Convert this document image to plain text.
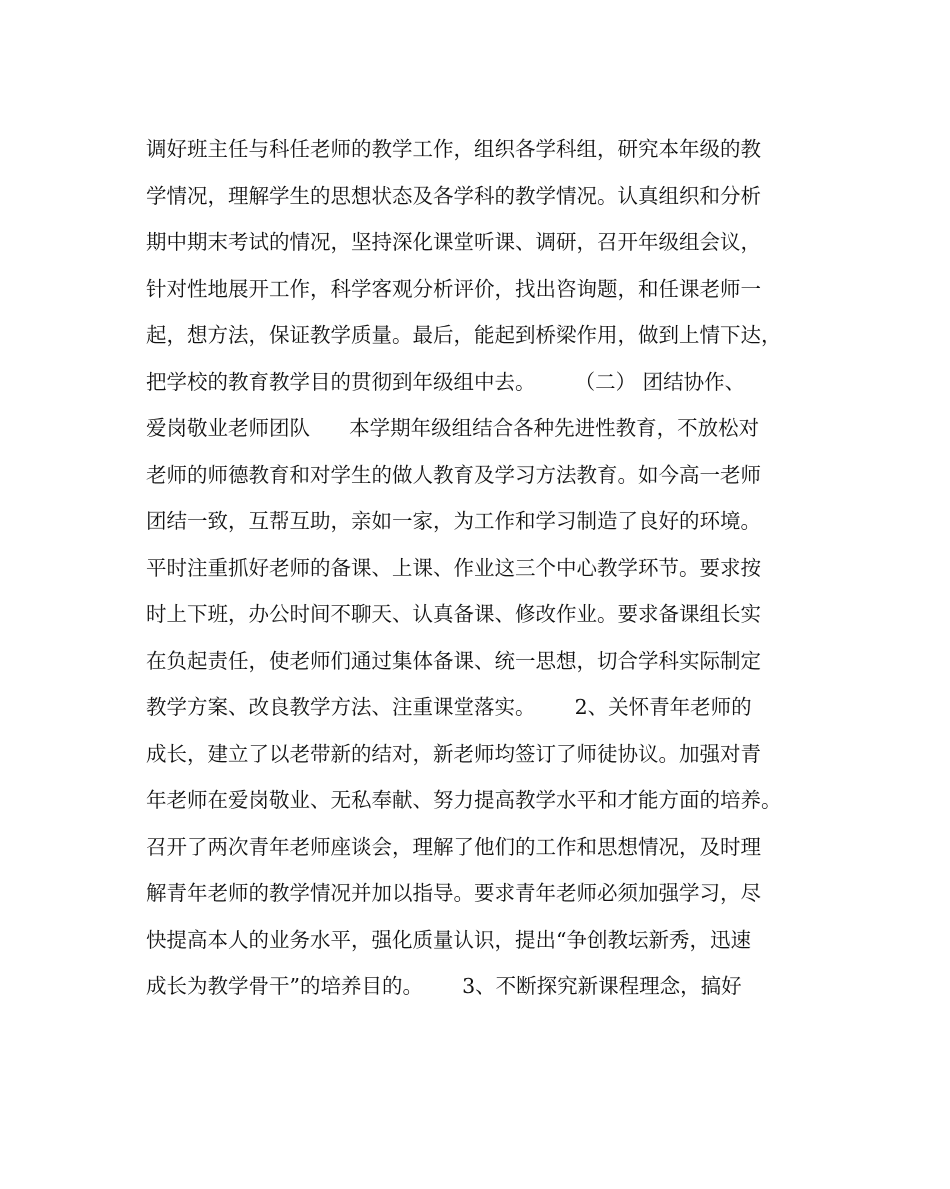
调好班主任与科任老师的教学工作，组织各学科组，研究本年级的教

学情况，理解学生的思想状态及各学科的教学情况。认真组织和分析

期中期末考试的情况，坚持深化课堂听课、调研，召开年级组会议，

针对性地展开工作，科学客观分析评价，找出咨询题，和任课老师一

起，想方法，保证教学质量。最后，能起到桥梁作用，做到上情下达，

把学校的教育教学目的贯彻到年级组中去。      （二） 团结协作、

爱岗敬业老师团队      本学期年级组结合各种先进性教育，不放松对

老师的师德教育和对学生的做人教育及学习方法教育。如今高一老师

团结一致，互帮互助，亲如一家，为工作和学习制造了良好的环境。

平时注重抓好老师的备课、上课、作业这三个中心教学环节。要求按

时上下班，办公时间不聊天、认真备课、修改作业。要求备课组长实

在负起责任，使老师们通过集体备课、统一思想，切合学科实际制定

教学方案、改良教学方法、注重课堂落实。      2、关怀青年老师的

成长，建立了以老带新的结对，新老师均签订了师徒协议。加强对青

年老师在爱岗敬业、无私奉献、努力提高教学水平和才能方面的培养。

召开了两次青年老师座谈会，理解了他们的工作和思想情况，及时理

解青年老师的教学情况并加以指导。要求青年老师必须加强学习，尽

快提高本人的业务水平，强化质量认识，提出“争创教坛新秀，迅速

成长为教学骨干”的培养目的。      3、不断探究新课程理念，搞好
